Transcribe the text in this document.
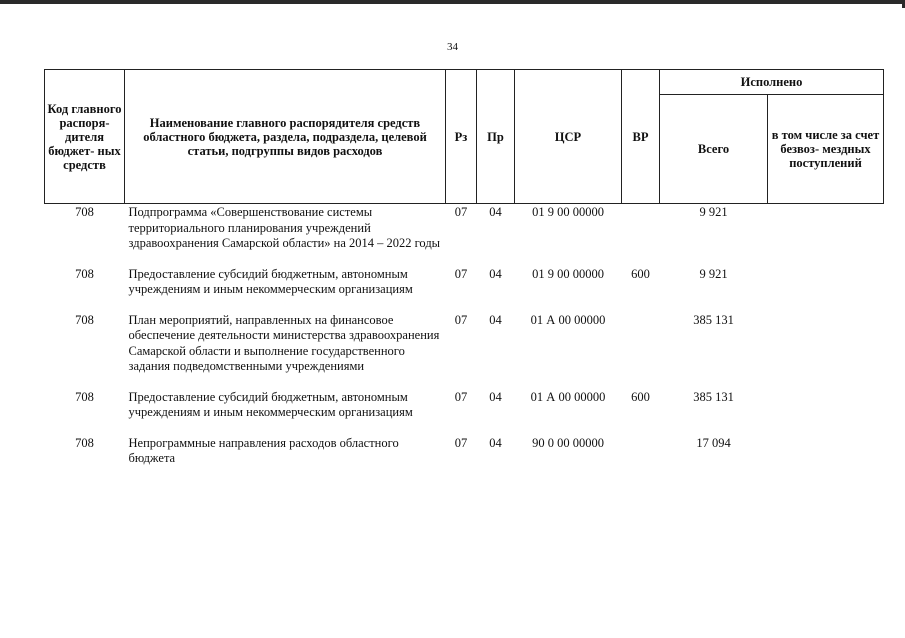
34
Код главного распоря- дителя бюджет- ных средств	Наименование главного распорядителя средств областного бюджета, раздела, подраздела, целевой статьи, подгруппы видов расходов	Рз	Пр	ЦСР	ВР	Исполнено	
						Всего	в том числе за счет безвоз- мездных поступлений
708	Подпрограмма «Совершенствование системы территориального планирования учреждений здравоохранения Самарской области» на 2014 – 2022 годы	07	04	01 9 00 00000		9 921	
708	Предоставление субсидий бюджетным, автономным учреждениям и иным некоммерческим организациям	07	04	01 9 00 00000	600	9 921	
708	План мероприятий, направленных на финансовое обеспечение деятельности министерства здравоохранения Самарской области и выполнение государственного задания подведомственными учреждениями	07	04	01 А 00 00000		385 131	
708	Предоставление субсидий бюджетным, автономным учреждениям и иным некоммерческим организациям	07	04	01 А 00 00000	600	385 131	
708	Непрограммные направления расходов областного бюджета	07	04	90 0 00 00000		17 094	
